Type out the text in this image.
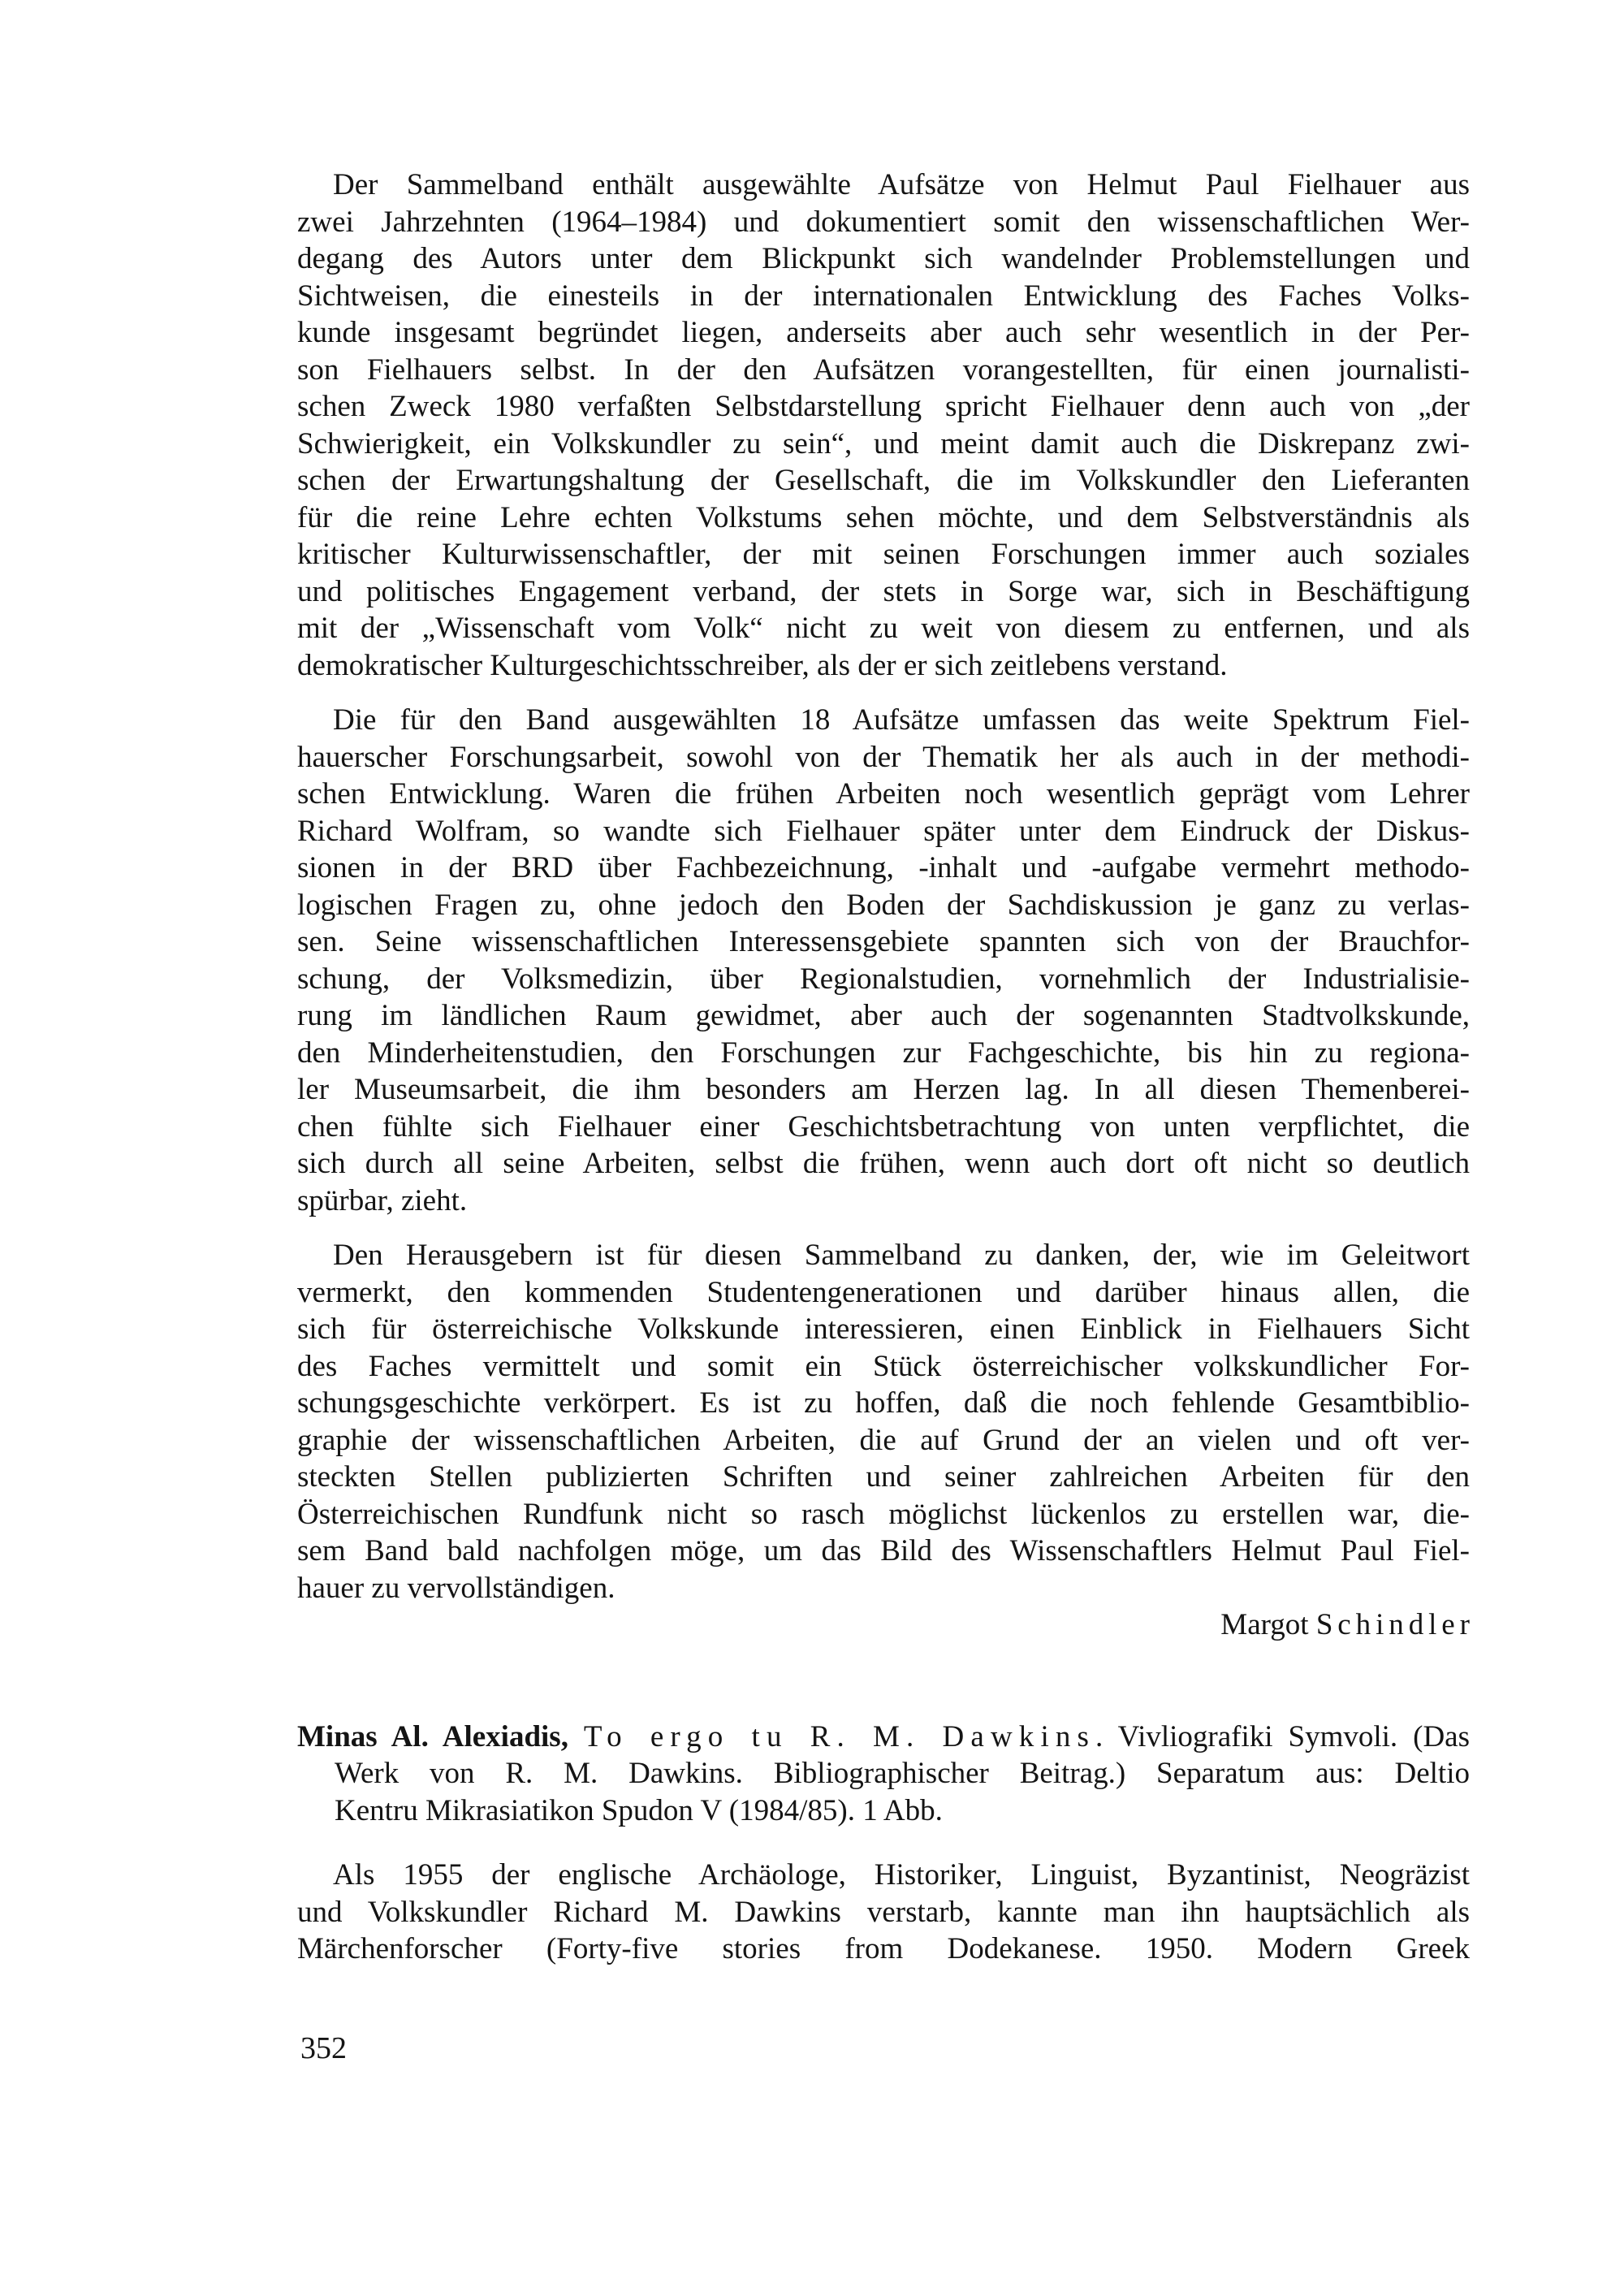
Der Sammelband enthält ausgewählte Aufsätze von Helmut Paul Fielhauer aus
zwei Jahrzehnten (1964–1984) und dokumentiert somit den wissenschaftlichen Wer-
degang des Autors unter dem Blickpunkt sich wandelnder Problemstellungen und
Sichtweisen, die einesteils in der internationalen Entwicklung des Faches Volks-
kunde insgesamt begründet liegen, anderseits aber auch sehr wesentlich in der Per-
son Fielhauers selbst. In der den Aufsätzen vorangestellten, für einen journalisti-
schen Zweck 1980 verfaßten Selbstdarstellung spricht Fielhauer denn auch von „der
Schwierigkeit, ein Volkskundler zu sein“, und meint damit auch die Diskrepanz zwi-
schen der Erwartungshaltung der Gesellschaft, die im Volkskundler den Lieferanten
für die reine Lehre echten Volkstums sehen möchte, und dem Selbstverständnis als
kritischer Kulturwissenschaftler, der mit seinen Forschungen immer auch soziales
und politisches Engagement verband, der stets in Sorge war, sich in Beschäftigung
mit der „Wissenschaft vom Volk“ nicht zu weit von diesem zu entfernen, und als
demokratischer Kulturgeschichtsschreiber, als der er sich zeitlebens verstand.
Die für den Band ausgewählten 18 Aufsätze umfassen das weite Spektrum Fiel-
hauerscher Forschungsarbeit, sowohl von der Thematik her als auch in der methodi-
schen Entwicklung. Waren die frühen Arbeiten noch wesentlich geprägt vom Lehrer
Richard Wolfram, so wandte sich Fielhauer später unter dem Eindruck der Diskus-
sionen in der BRD über Fachbezeichnung, -inhalt und -aufgabe vermehrt methodo-
logischen Fragen zu, ohne jedoch den Boden der Sachdiskussion je ganz zu verlas-
sen. Seine wissenschaftlichen Interessensgebiete spannten sich von der Brauchfor-
schung, der Volksmedizin, über Regionalstudien, vornehmlich der Industrialisie-
rung im ländlichen Raum gewidmet, aber auch der sogenannten Stadtvolkskunde,
den Minderheitenstudien, den Forschungen zur Fachgeschichte, bis hin zu regiona-
ler Museumsarbeit, die ihm besonders am Herzen lag. In all diesen Themenberei-
chen fühlte sich Fielhauer einer Geschichtsbetrachtung von unten verpflichtet, die
sich durch all seine Arbeiten, selbst die frühen, wenn auch dort oft nicht so deutlich
spürbar, zieht.
Den Herausgebern ist für diesen Sammelband zu danken, der, wie im Geleitwort
vermerkt, den kommenden Studentengenerationen und darüber hinaus allen, die
sich für österreichische Volkskunde interessieren, einen Einblick in Fielhauers Sicht
des Faches vermittelt und somit ein Stück österreichischer volkskundlicher For-
schungsgeschichte verkörpert. Es ist zu hoffen, daß die noch fehlende Gesamtbiblio-
graphie der wissenschaftlichen Arbeiten, die auf Grund der an vielen und oft ver-
steckten Stellen publizierten Schriften und seiner zahlreichen Arbeiten für den
Österreichischen Rundfunk nicht so rasch möglichst lückenlos zu erstellen war, die-
sem Band bald nachfolgen möge, um das Bild des Wissenschaftlers Helmut Paul Fiel-
hauer zu vervollständigen.
Margot Schindler
Minas Al. Alexiadis, To ergo tu R. M. Dawkins. Vivliografiki Symvoli. (Das
Werk von R. M. Dawkins. Bibliographischer Beitrag.) Separatum aus: Deltio
Kentru Mikrasiatikon Spudon V (1984/85). 1 Abb.
Als 1955 der englische Archäologe, Historiker, Linguist, Byzantinist, Neogräzist
und Volkskundler Richard M. Dawkins verstarb, kannte man ihn hauptsächlich als
Märchenforscher (Forty-five stories from Dodekanese. 1950. Modern Greek
352
